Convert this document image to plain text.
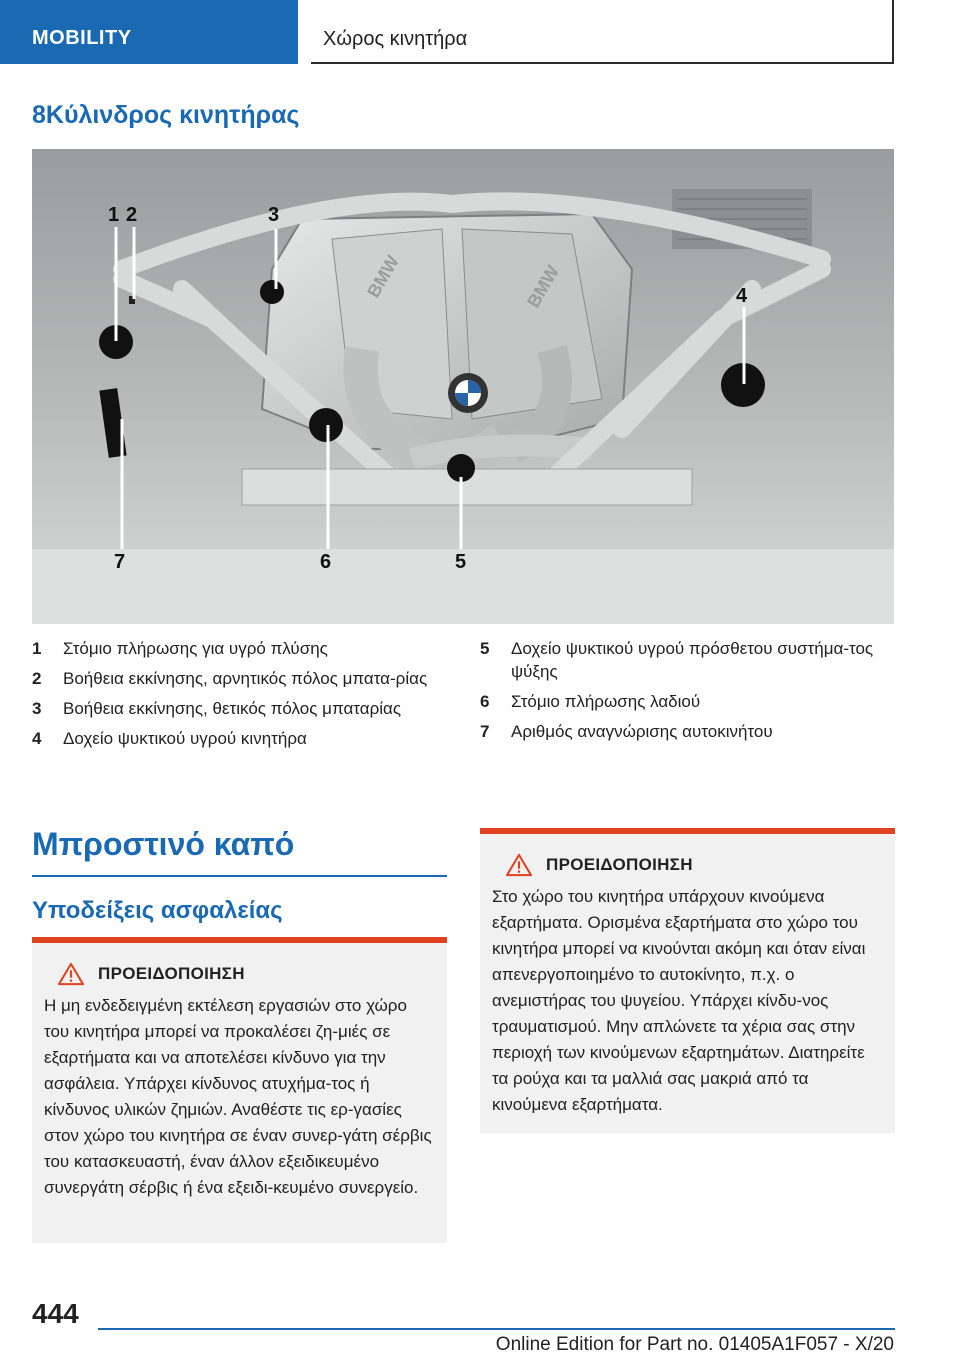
MOBILITY	Χώρος κινητήρα
8Κύλινδρος κινητήρας
BMW	BMW
1 2	3
4
5
6
7
1	Στόμιο πλήρωσης για υγρό πλύσης
2	Βοήθεια εκκίνησης, αρνητικός πόλος μπατα-ρίας
3	Βοήθεια εκκίνησης, θετικός πόλος μπαταρίας
4	Δοχείο ψυκτικού υγρού κινητήρα
5	Δοχείο ψυκτικού υγρού πρόσθετου συστήμα-τος ψύξης
6	Στόμιο πλήρωσης λαδιού
7	Αριθμός αναγνώρισης αυτοκινήτου
Μπροστινό καπό
Υποδείξεις ασφαλείας
ΠΡΟΕΙΔΟΠΟΙΗΣΗ

Η μη ενδεδειγμένη εκτέλεση εργασιών στο χώρο του κινητήρα μπορεί να προκαλέσει ζη-μιές σε εξαρτήματα και να αποτελέσει κίνδυνο για την ασφάλεια. Υπάρχει κίνδυνος ατυχήμα-τος ή κίνδυνος υλικών ζημιών. Αναθέστε τις ερ-γασίες στον χώρο του κινητήρα σε έναν συνερ-γάτη σέρβις του κατασκευαστή, έναν άλλον εξειδικευμένο συνεργάτη σέρβις ή ένα εξειδι-κευμένο συνεργείο.

ΠΡΟΕΙΔΟΠΟΙΗΣΗ

Στο χώρο του κινητήρα υπάρχουν κινούμενα εξαρτήματα. Ορισμένα εξαρτήματα στο χώρο του κινητήρα μπορεί να κινούνται ακόμη και όταν είναι απενεργοποιημένο το αυτοκίνητο, π.χ. ο ανεμιστήρας του ψυγείου. Υπάρχει κίνδυ-νος τραυματισμού. Μην απλώνετε τα χέρια σας στην περιοχή των κινούμενων εξαρτημάτων. Διατηρείτε τα ρούχα και τα μαλλιά σας μακριά από τα κινούμενα εξαρτήματα.

444
Online Edition for Part no. 01405A1F057 - X/20
